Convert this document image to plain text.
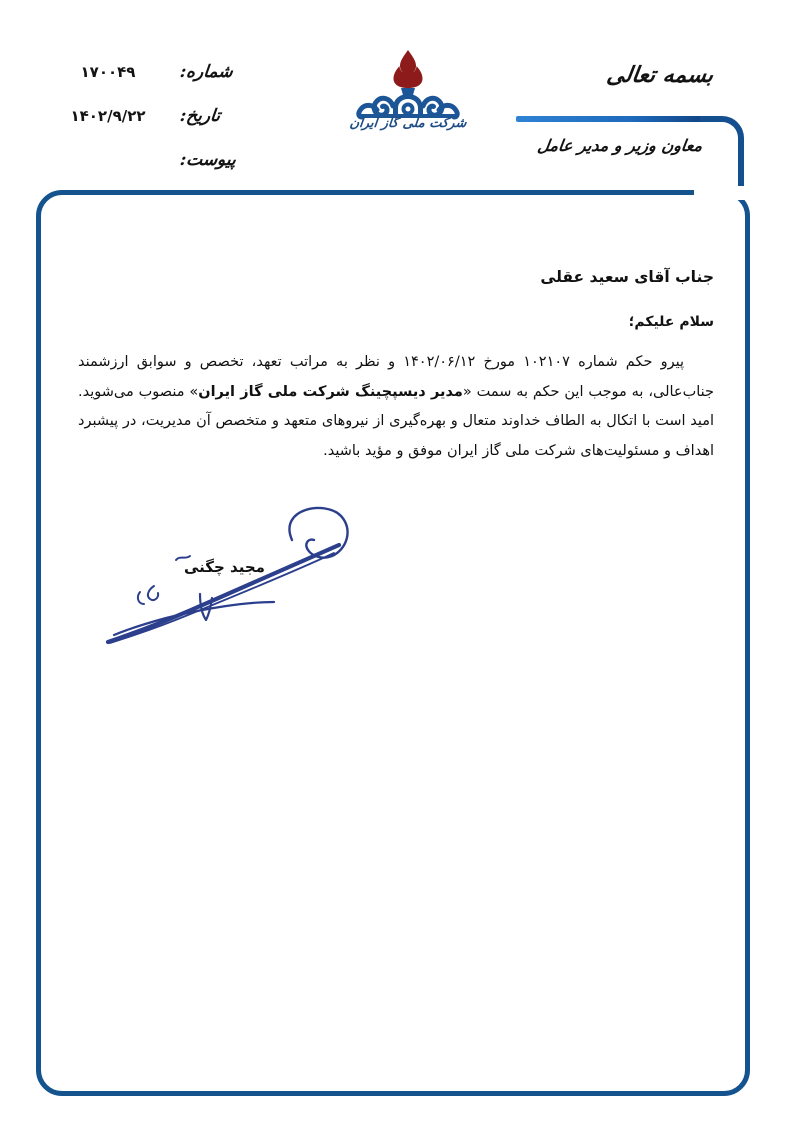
شماره:
۱۷۰۰۴۹
تاریخ:
۱۴۰۲/۹/۲۲
پیوست:
شرکت ملی گاز ایران
بسمه تعالی
معاون وزیر و مدیر عامل
جناب آقای سعید عقلی
سلام علیکم؛

پیرو حکم شماره ۱۰۲۱۰۷ مورخ ۱۴۰۲/۰۶/۱۲ و نظر به مراتب تعهد، تخصص و سوابق ارزشمند جناب‌عالی، به موجب این حکم به سمت «مدیر دیسپچینگ شرکت ملی گاز ایران» منصوب می‌شوید. امید است با اتکال به الطاف خداوند متعال و بهره‌گیری از نیروهای متعهد و متخصص آن مدیریت، در پیشبرد اهداف و مسئولیت‌های شرکت ملی گاز ایران موفق و مؤید باشید.

مجید چگنی
